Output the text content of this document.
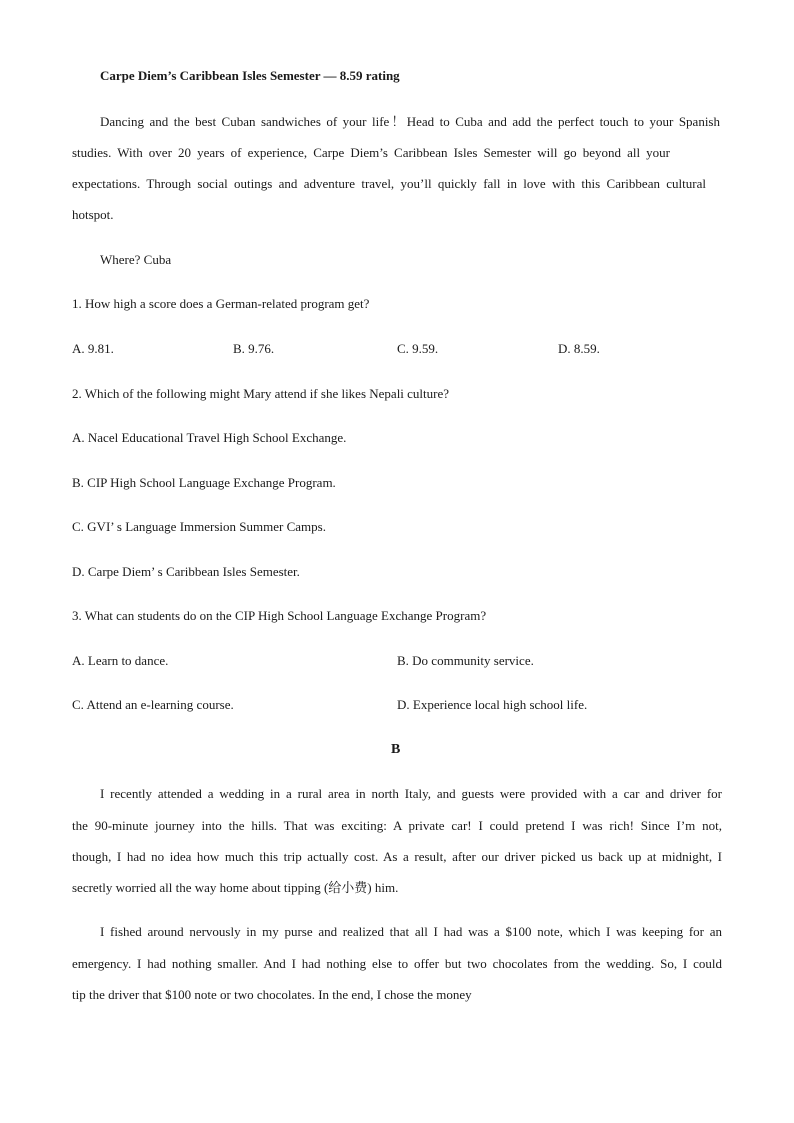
Carpe Diem’s Caribbean Isles Semester — 8.59 rating
Dancing and the best Cuban sandwiches of your life！Head to Cuba and add the perfect touch to your Spanish
studies. With over 20 years of experience, Carpe Diem’s Caribbean Isles Semester will go beyond all your
expectations. Through social outings and adventure travel, you’ll quickly fall in love with this Caribbean cultural
hotspot.
Where? Cuba
1. How high a score does a German-related program get?
A. 9.81.	B. 9.76.	C. 9.59.	D. 8.59.
2. Which of the following might Mary attend if she likes Nepali culture?
A. Nacel Educational Travel High School Exchange.
B. CIP High School Language Exchange Program.
C. GVI’ s Language Immersion Summer Camps.
D. Carpe Diem’ s Caribbean Isles Semester.
3. What can students do on the CIP High School Language Exchange Program?
A. Learn to dance.	B. Do community service.
C. Attend an e-learning course.	D. Experience local high school life.
B
I recently attended a wedding in a rural area in north Italy, and guests were provided with a car and driver for
the 90-minute journey into the hills. That was exciting: A private car! I could pretend I was rich! Since I’m not,
though, I had no idea how much this trip actually cost. As a result, after our driver picked us back up at midnight, I
secretly worried all the way home about tipping (给小费) him.
I fished around nervously in my purse and realized that all I had was a $100 note, which I was keeping for an
emergency. I had nothing smaller. And I had nothing else to offer but two chocolates from the wedding. So, I could
tip the driver that $100 note or two chocolates. In the end, I chose the money
